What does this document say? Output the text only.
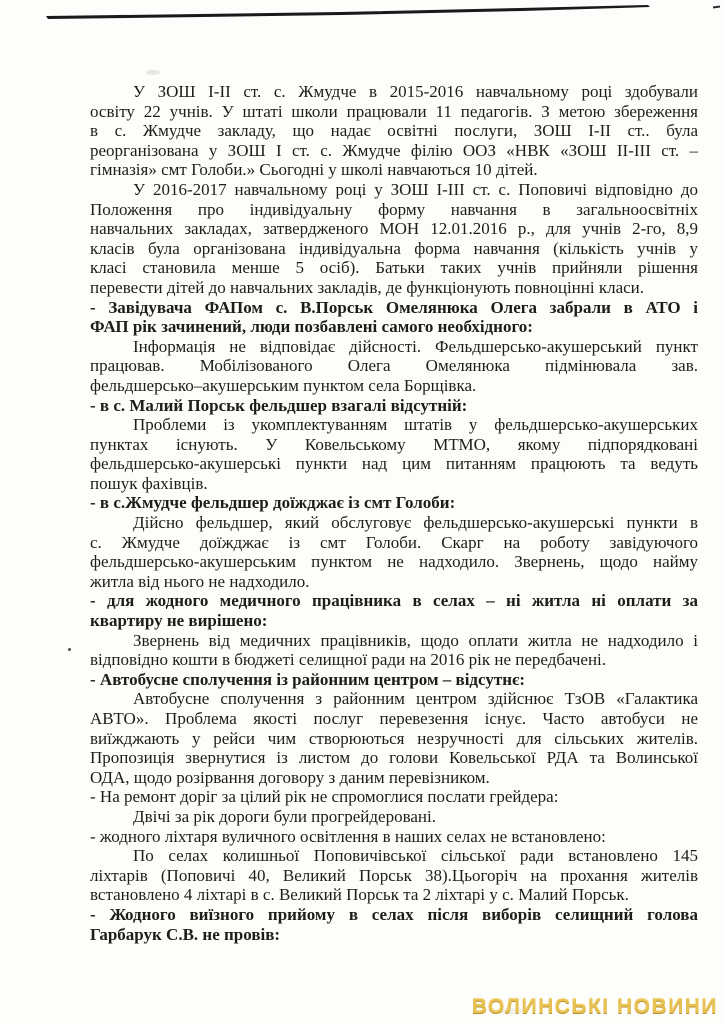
У ЗОШ І-ІІ ст. с. Жмудче в 2015-2016 навчальному році здобували
освіту 22 учнів. У штаті школи працювали 11 педагогів. З метою збереження
в с. Жмудче закладу, що надає освітні послуги, ЗОШ І-ІІ ст.. була
реорганізована у ЗОШ І ст. с. Жмудче філію ООЗ «НВК «ЗОШ ІІ-ІІІ ст. –
гімназія» смт Голоби.» Сьогодні у школі навчаються 10 дітей.
У 2016-2017 навчальному році у ЗОШ І-ІІІ ст. с. Поповичі відповідно до
Положення про індивідуальну форму навчання в загальноосвітніх
навчальних закладах, затвердженого МОН 12.01.2016 р., для учнів 2-го, 8,9
класів була організована індивідуальна форма навчання (кількість учнів у
класі становила менше 5 осіб). Батьки таких учнів прийняли рішення
перевести дітей до навчальних закладів, де функціонують повноцінні класи.
- Завідувача ФАПом с. В.Порськ Омелянюка Олега забрали в АТО і
ФАП рік зачинений, люди позбавлені самого необхідного:
Інформація не відповідає дійсності. Фельдшерсько-акушерський пункт
працював. Мобілізованого Олега Омелянюка підмінювала зав.
фельдшерсько–акушерським пунктом села Борщівка.
- в с. Малий Порськ фельдшер взагалі відсутній:
Проблеми із укомплектуванням штатів у фельдшерсько-акушерських
пунктах існують. У Ковельському МТМО, якому підпорядковані
фельдшерсько-акушерські пункти над цим питанням працюють та ведуть
пошук фахівців.
- в с.Жмудче фельдшер доїжджає із смт Голоби:
Дійсно фельдшер, який обслуговує фельдшерсько-акушерські пункти в
с. Жмудче доїжджає із смт Голоби. Скарг на роботу завідуючого
фельдшерсько-акушерським пунктом не надходило. Звернень, щодо найму
житла від нього не надходило.
- для жодного медичного працівника в селах – ні житла ні оплати за
квартиру не вирішено:
Звернень від медичних працівників, щодо оплати житла не надходило і
відповідно кошти в бюджеті селищної ради на 2016 рік не передбачені.
- Автобусне сполучення із районним центром – відсутнє:
Автобусне сполучення з районним центром здійснює ТзОВ «Галактика
АВТО». Проблема якості послуг перевезення існує. Часто автобуси не
виїжджають у рейси чим створюються незручності для сільських жителів.
Пропозиція звернутися із листом до голови Ковельської РДА та Волинської
ОДА, щодо розірвання договору з даним перевізником.
- На ремонт доріг за цілий рік не спромоглися послати грейдера:
Двічі за рік дороги були прогрейдеровані.
- жодного ліхтаря вуличного освітлення в наших селах не встановлено:
По селах колишньої Поповичівської сільської ради встановлено 145
ліхтарів (Поповичі 40, Великий Порськ 38).Цьогоріч на прохання жителів
встановлено 4 ліхтарі в с. Великий Порськ та 2 ліхтарі у с. Малий Порськ.
- Жодного виїзного прийому в селах після виборів селищний голова
Гарбарук С.В. не провів:
ВОЛИНСЬКІ НОВИНИ
